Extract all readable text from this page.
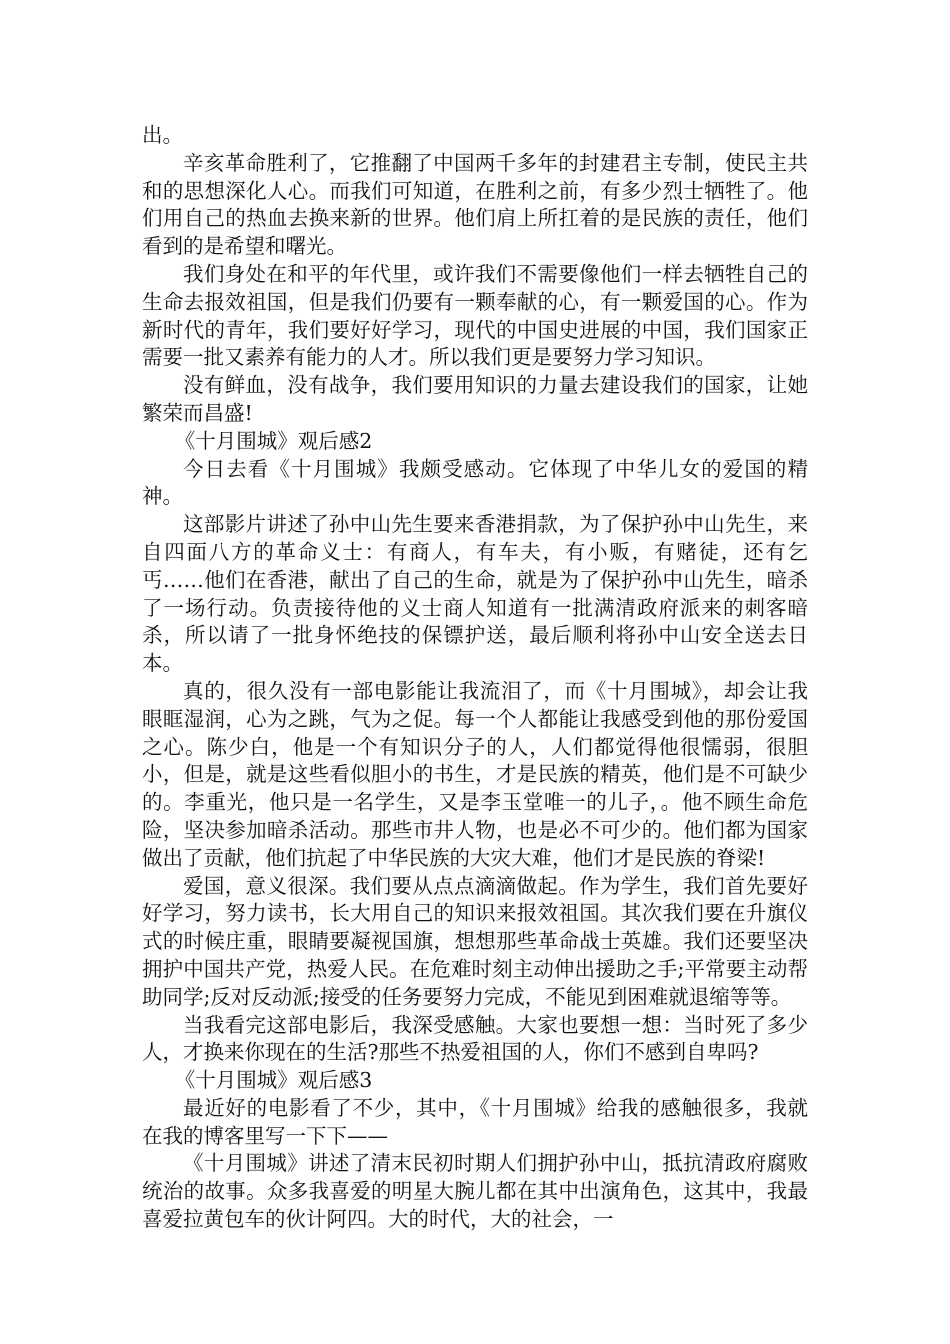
出。

辛亥革命胜利了，它推翻了中国两千多年的封建君主专制，使民主共和的思想深化人心。而我们可知道，在胜利之前，有多少烈士牺牲了。他们用自己的热血去换来新的世界。他们肩上所扛着的是民族的责任，他们看到的是希望和曙光。

我们身处在和平的年代里，或许我们不需要像他们一样去牺牲自己的生命去报效祖国，但是我们仍要有一颗奉献的心，有一颗爱国的心。作为新时代的青年，我们要好好学习，现代的中国史进展的中国，我们国家正需要一批又素养有能力的人才。所以我们更是要努力学习知识。

没有鲜血，没有战争，我们要用知识的力量去建设我们的国家，让她繁荣而昌盛!

《十月围城》观后感2

今日去看《十月围城》我颇受感动。它体现了中华儿女的爱国的精神。

这部影片讲述了孙中山先生要来香港捐款，为了保护孙中山先生，来自四面八方的革命义士：有商人，有车夫，有小贩，有赌徒，还有乞丐……他们在香港，献出了自己的生命，就是为了保护孙中山先生，暗杀了一场行动。负责接待他的义士商人知道有一批满清政府派来的刺客暗杀，所以请了一批身怀绝技的保镖护送，最后顺利将孙中山安全送去日本。

真的，很久没有一部电影能让我流泪了，而《十月围城》，却会让我眼眶湿润，心为之跳，气为之促。每一个人都能让我感受到他的那份爱国之心。陈少白，他是一个有知识分子的人，人们都觉得他很懦弱，很胆小，但是，就是这些看似胆小的书生，才是民族的精英，他们是不可缺少的。李重光，他只是一名学生，又是李玉堂唯一的儿子，。他不顾生命危险，坚决参加暗杀活动。那些市井人物，也是必不可少的。他们都为国家做出了贡献，他们抗起了中华民族的大灾大难，他们才是民族的脊梁!

爱国，意义很深。我们要从点点滴滴做起。作为学生，我们首先要好好学习，努力读书，长大用自己的知识来报效祖国。其次我们要在升旗仪式的时候庄重，眼睛要凝视国旗，想想那些革命战士英雄。我们还要坚决拥护中国共产党，热爱人民。在危难时刻主动伸出援助之手;平常要主动帮助同学;反对反动派;接受的任务要努力完成，不能见到困难就退缩等等。

当我看完这部电影后，我深受感触。大家也要想一想：当时死了多少人，才换来你现在的生活?那些不热爱祖国的人，你们不感到自卑吗?

《十月围城》观后感3

最近好的电影看了不少，其中，《十月围城》给我的感触很多，我就在我的博客里写一下下——

《十月围城》讲述了清末民初时期人们拥护孙中山，抵抗清政府腐败统治的故事。众多我喜爱的明星大腕儿都在其中出演角色，这其中，我最喜爱拉黄包车的伙计阿四。大的时代，大的社会，一
